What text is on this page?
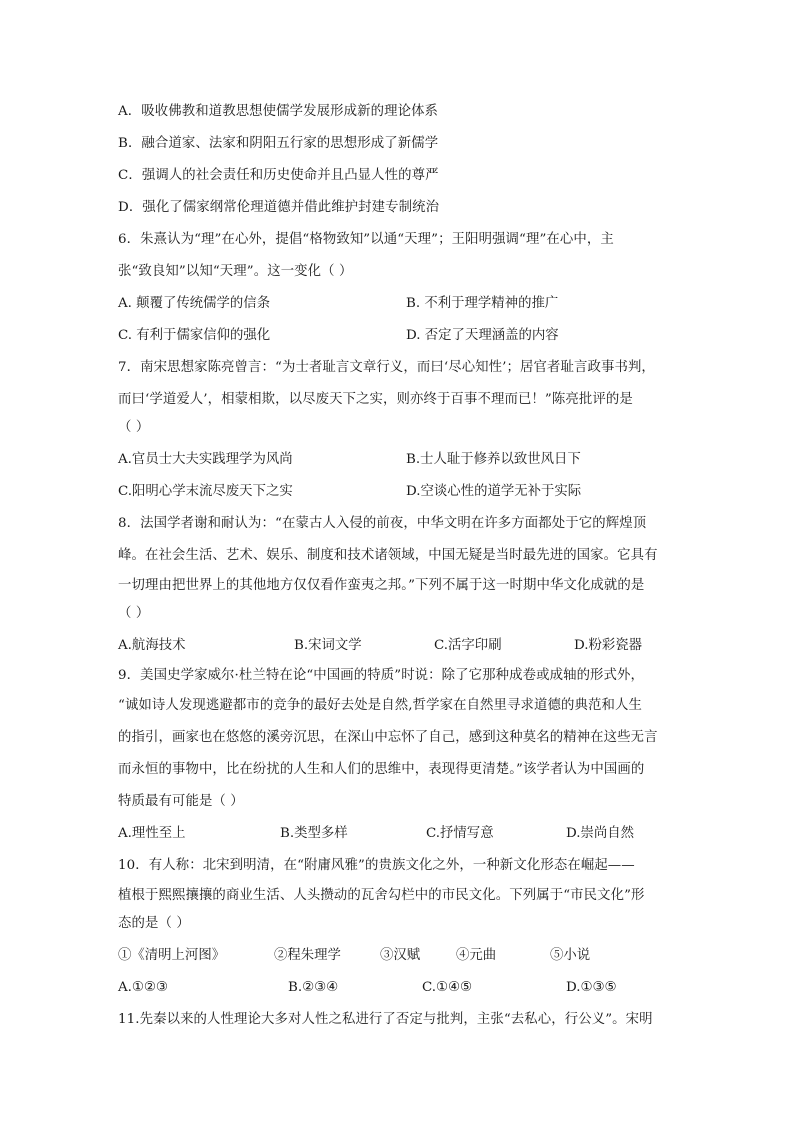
A．吸收佛教和道教思想使儒学发展形成新的理论体系
B．融合道家、法家和阴阳五行家的思想形成了新儒学
C．强调人的社会责任和历史使命并且凸显人性的尊严
D．强化了儒家纲常伦理道德并借此维护封建专制统治
6．朱熹认为“理”在心外，提倡“格物致知”以通“天理”；王阳明强调“理”在心中，主
张“致良知”以知“天理”。这一变化（ ）
A. 颠覆了传统儒学的信条	B. 不利于理学精神的推广
C. 有利于儒家信仰的强化	D. 否定了天理涵盖的内容
7．南宋思想家陈亮曾言：“为士者耻言文章行义，而曰‘尽心知性’；居官者耻言政事书判，
而曰‘学道爱人’，相蒙相欺，以尽废天下之实，则亦终于百事不理而已！”陈亮批评的是
（ ）
A.官员士大夫实践理学为风尚	B.士人耻于修养以致世风日下
C.阳明心学末流尽废天下之实	D.空谈心性的道学无补于实际
8．法国学者谢和耐认为：“在蒙古人入侵的前夜，中华文明在许多方面都处于它的辉煌顶
峰。在社会生活、艺术、娱乐、制度和技术诸领域，中国无疑是当时最先进的国家。它具有
一切理由把世界上的其他地方仅仅看作蛮夷之邦。”下列不属于这一时期中华文化成就的是
（ ）
A.航海技术	B.宋词文学	C.活字印刷	D.粉彩瓷器
9．美国史学家威尔·杜兰特在论“中国画的特质”时说：除了它那种成卷或成轴的形式外，
“诚如诗人发现逃避都市的竞争的最好去处是自然,哲学家在自然里寻求道德的典范和人生
的指引，画家也在悠悠的溪旁沉思，在深山中忘怀了自己，感到这种莫名的精神在这些无言
而永恒的事物中，比在纷扰的人生和人们的思维中，表现得更清楚。”该学者认为中国画的
特质最有可能是（ ）
A.理性至上	B.类型多样	C.抒情写意	D.崇尚自然
10．有人称：北宋到明清，在“附庸风雅”的贵族文化之外，一种新文化形态在崛起——
植根于熙熙攘攘的商业生活、人头攒动的瓦舍勾栏中的市民文化。下列属于“市民文化”形
态的是（ ）
①《清明上河图》	②程朱理学	③汉赋	④元曲	⑤小说
A.①②③	B.②③④	C.①④⑤	D.①③⑤
11.先秦以来的人性理论大多对人性之私进行了否定与批判，主张“去私心，行公义”。宋明
